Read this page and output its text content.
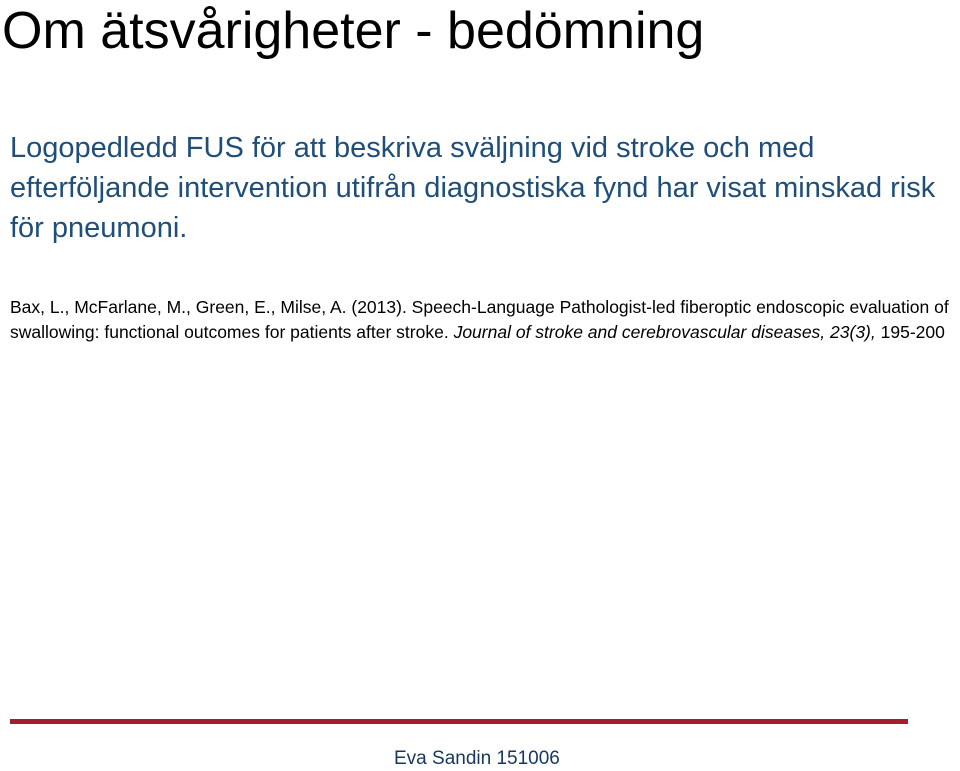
Om ätsvårigheter - bedömning

Logopedledd FUS för att beskriva sväljning vid stroke och med efterföljande intervention utifrån diagnostiska fynd har visat minskad risk för pneumoni.

Bax, L., McFarlane, M., Green, E., Milse, A. (2013). Speech-Language Pathologist-led fiberoptic endoscopic evaluation of swallowing: functional outcomes for patients after stroke. Journal of stroke and cerebrovascular diseases, 23(3), 195-200

Eva Sandin 151006
